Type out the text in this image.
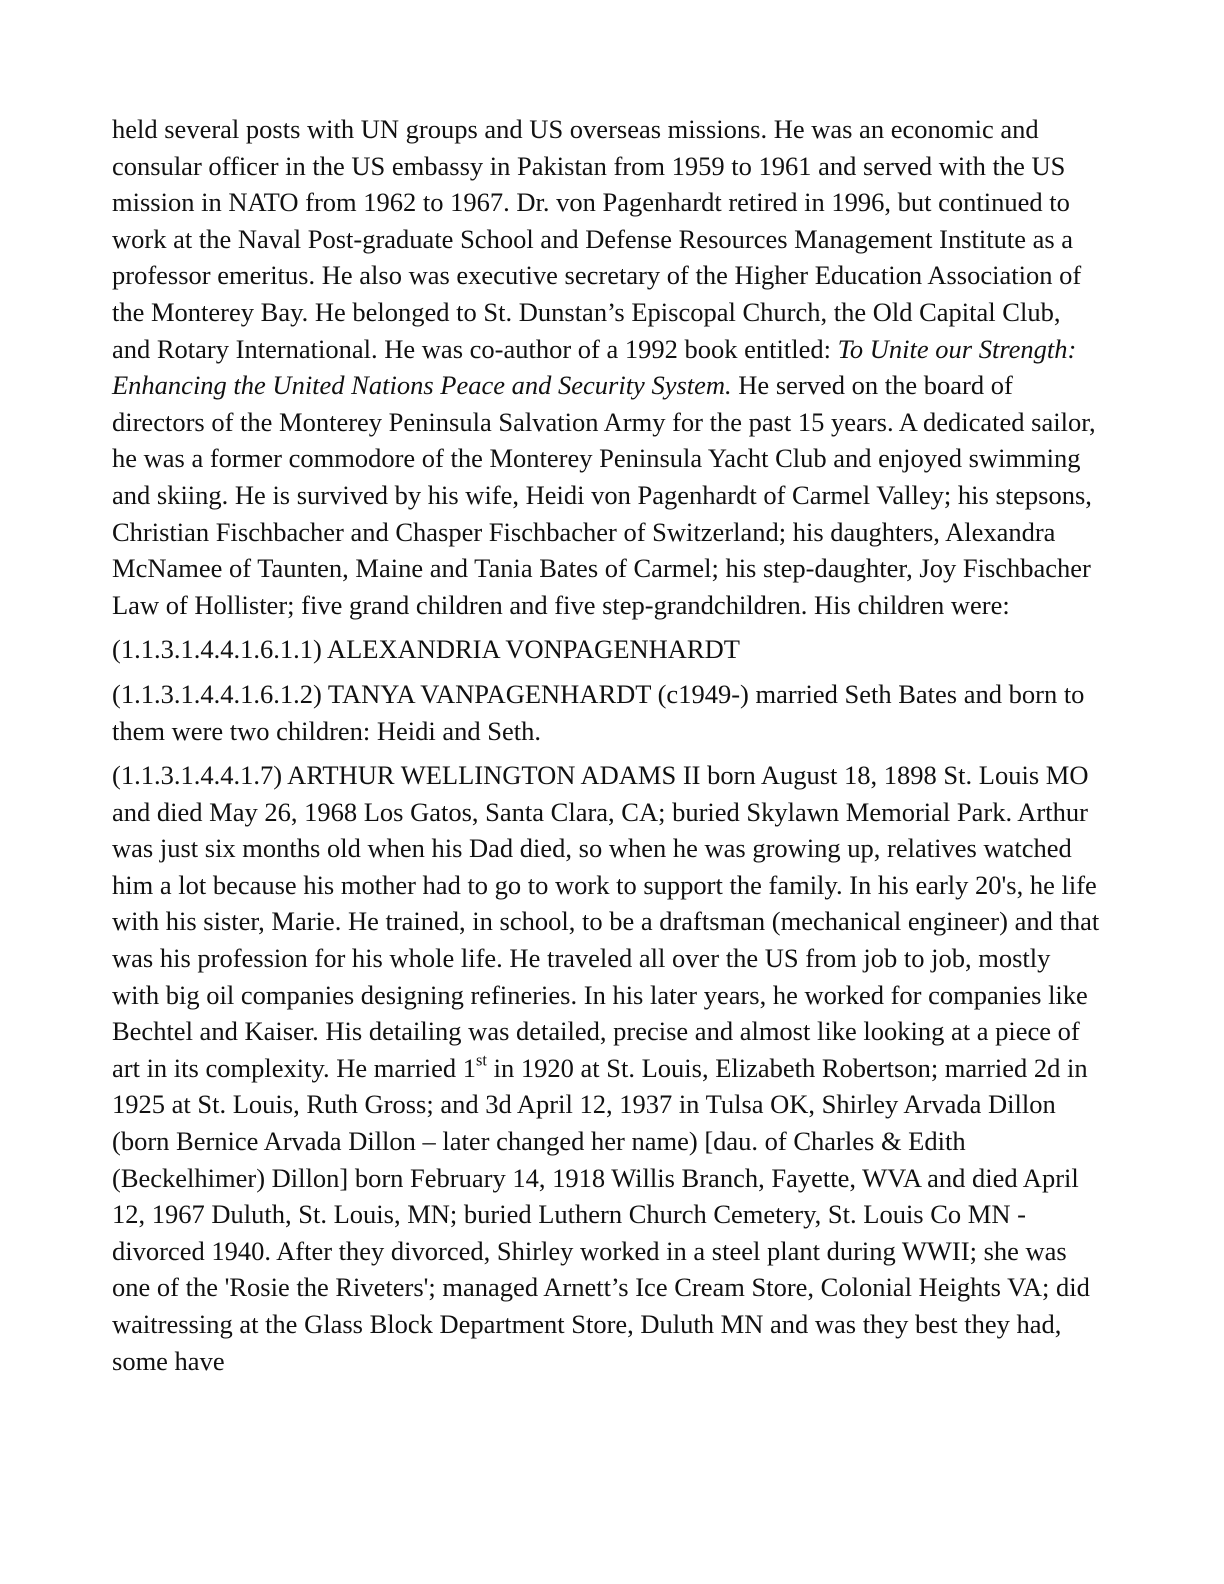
held several posts with UN groups and US overseas missions. He was an economic and consular officer in the US embassy in Pakistan from 1959 to 1961 and served with the US mission in NATO from 1962 to 1967. Dr. von Pagenhardt retired in 1996, but continued to work at the Naval Post-graduate School and Defense Resources Management Institute as a professor emeritus. He also was executive secretary of the Higher Education Association of the Monterey Bay. He belonged to St. Dunstan’s Episcopal Church, the Old Capital Club, and Rotary International. He was co-author of a 1992 book entitled: To Unite our Strength: Enhancing the United Nations Peace and Security System. He served on the board of directors of the Monterey Peninsula Salvation Army for the past 15 years. A dedicated sailor, he was a former commodore of the Monterey Peninsula Yacht Club and enjoyed swimming and skiing. He is survived by his wife, Heidi von Pagenhardt of Carmel Valley; his stepsons, Christian Fischbacher and Chasper Fischbacher of Switzerland; his daughters, Alexandra McNamee of Taunten, Maine and Tania Bates of Carmel; his step-daughter, Joy Fischbacher Law of Hollister; five grand children and five step-grandchildren. His children were:

(1.1.3.1.4.4.1.6.1.1) ALEXANDRIA VONPAGENHARDT

(1.1.3.1.4.4.1.6.1.2) TANYA VANPAGENHARDT (c1949-) married Seth Bates and born to them were two children: Heidi and Seth.

(1.1.3.1.4.4.1.7) ARTHUR WELLINGTON ADAMS II born August 18, 1898 St. Louis MO and died May 26, 1968 Los Gatos, Santa Clara, CA; buried Skylawn Memorial Park. Arthur was just six months old when his Dad died, so when he was growing up, relatives watched him a lot because his mother had to go to work to support the family. In his early 20's, he life with his sister, Marie. He trained, in school, to be a draftsman (mechanical engineer) and that was his profession for his whole life. He traveled all over the US from job to job, mostly with big oil companies designing refineries. In his later years, he worked for companies like Bechtel and Kaiser. His detailing was detailed, precise and almost like looking at a piece of art in its complexity. He married 1st in 1920 at St. Louis, Elizabeth Robertson; married 2d in 1925 at St. Louis, Ruth Gross; and 3d April 12, 1937 in Tulsa OK, Shirley Arvada Dillon (born Bernice Arvada Dillon – later changed her name) [dau. of Charles & Edith (Beckelhimer) Dillon] born February 14, 1918 Willis Branch, Fayette, WVA and died April 12, 1967 Duluth, St. Louis, MN; buried Luthern Church Cemetery, St. Louis Co MN - divorced 1940. After they divorced, Shirley worked in a steel plant during WWII; she was one of the 'Rosie the Riveters'; managed Arnett’s Ice Cream Store, Colonial Heights VA; did waitressing at the Glass Block Department Store, Duluth MN and was they best they had, some have
